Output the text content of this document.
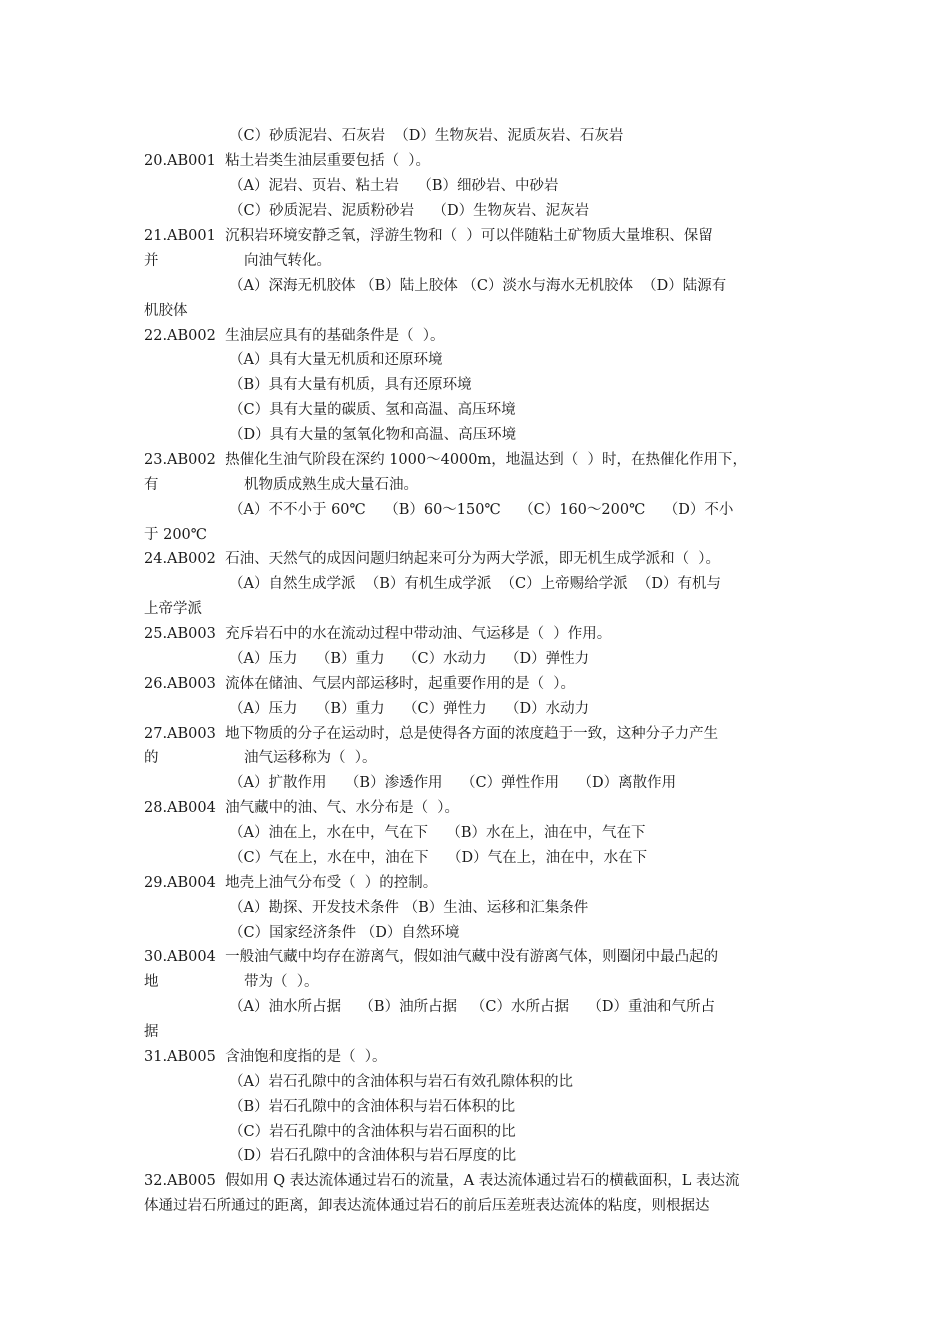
（C）砂质泥岩、石灰岩  （D）生物灰岩、泥质灰岩、石灰岩

20.AB001  粘土岩类生油层重要包括（  ）。

（A）泥岩、页岩、粘土岩    （B）细砂岩、中砂岩

（C）砂质泥岩、泥质粉砂岩    （D）生物灰岩、泥灰岩

21.AB001  沉积岩环境安静乏氧，浮游生物和（  ）可以伴随粘土矿物质大量堆积、保留

并	向油气转化。

（A）深海无机胶体 （B）陆上胶体 （C）淡水与海水无机胶体  （D）陆源有

机胶体

22.AB002  生油层应具有的基础条件是（  ）。

（A）具有大量无机质和还原环境

（B）具有大量有机质，具有还原环境

（C）具有大量的碳质、氢和高温、高压环境

（D）具有大量的氢氧化物和高温、高压环境

23.AB002  热催化生油气阶段在深约 1000～4000m，地温达到（  ）时，在热催化作用下，

有	机物质成熟生成大量石油。

（A）不不小于 60℃    （B）60～150℃    （C）160～200℃    （D）不小

于 200℃

24.AB002  石油、天然气的成因问题归纳起来可分为两大学派，即无机生成学派和（  ）。

（A）自然生成学派  （B）有机生成学派  （C）上帝赐给学派  （D）有机与

上帝学派

25.AB003  充斥岩石中的水在流动过程中带动油、气运移是（  ）作用。

（A）压力    （B）重力    （C）水动力    （D）弹性力

26.AB003  流体在储油、气层内部运移时，起重要作用的是（  ）。

（A）压力    （B）重力    （C）弹性力    （D）水动力

27.AB003  地下物质的分子在运动时，总是使得各方面的浓度趋于一致，这种分子力产生

的	油气运移称为（  ）。

（A）扩散作用    （B）渗透作用    （C）弹性作用    （D）离散作用

28.AB004  油气藏中的油、气、水分布是（  ）。

（A）油在上，水在中，气在下    （B）水在上，油在中，气在下

（C）气在上，水在中，油在下    （D）气在上，油在中，水在下

29.AB004  地壳上油气分布受（  ）的控制。

（A）勘探、开发技术条件 （B）生油、运移和汇集条件

（C）国家经济条件 （D）自然环境

30.AB004  一般油气藏中均存在游离气，假如油气藏中没有游离气体，则圈闭中最凸起的

地	带为（  ）。

（A）油水所占据    （B）油所占据   （C）水所占据    （D）重油和气所占

据

31.AB005  含油饱和度指的是（  ）。

（A）岩石孔隙中的含油体积与岩石有效孔隙体积的比

（B）岩石孔隙中的含油体积与岩石体积的比

（C）岩石孔隙中的含油体积与岩石面积的比

（D）岩石孔隙中的含油体积与岩石厚度的比

32.AB005  假如用 Q 表达流体通过岩石的流量，A 表达流体通过岩石的横截面积，L 表达流

体通过岩石所通过的距离，卸表达流体通过岩石的前后压差班表达流体的粘度，则根据达
